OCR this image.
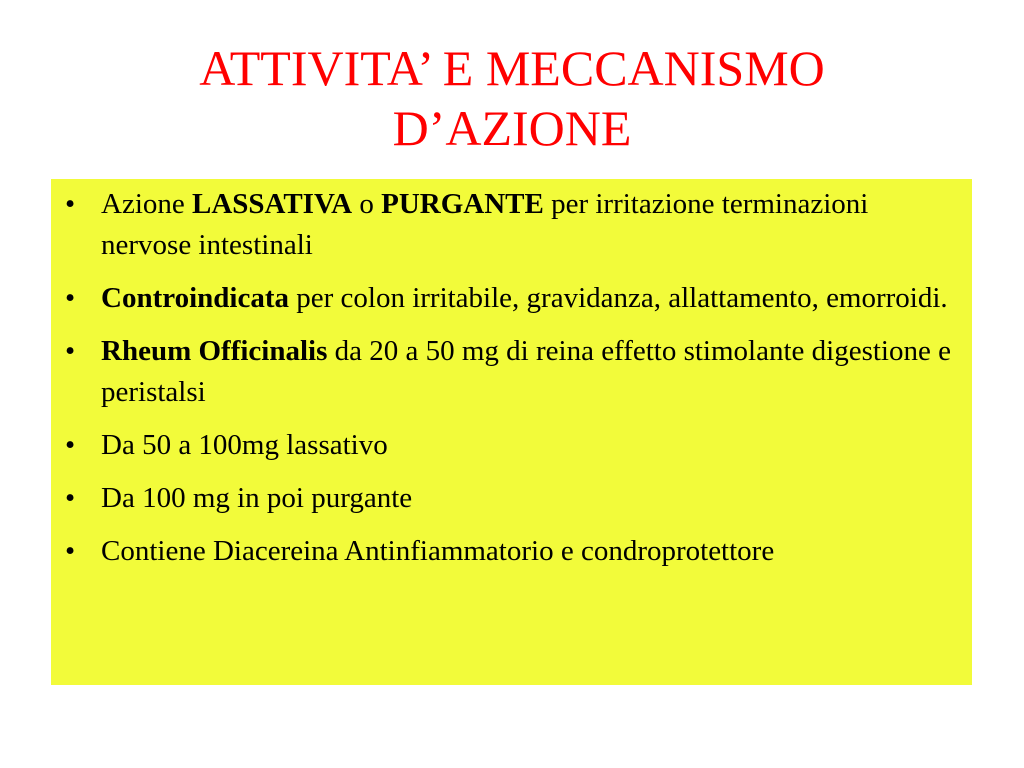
ATTIVITA’ E MECCANISMO
D’AZIONE
• Azione LASSATIVA o PURGANTE per irritazione terminazioni nervose intestinali
• Controindicata per colon irritabile, gravidanza, allattamento, emorroidi.
• Rheum Officinalis da 20 a 50 mg di reina effetto stimolante digestione e peristalsi
• Da 50 a 100mg lassativo
• Da 100 mg in poi purgante
• Contiene Diacereina Antinfiammatorio e condroprotettore
